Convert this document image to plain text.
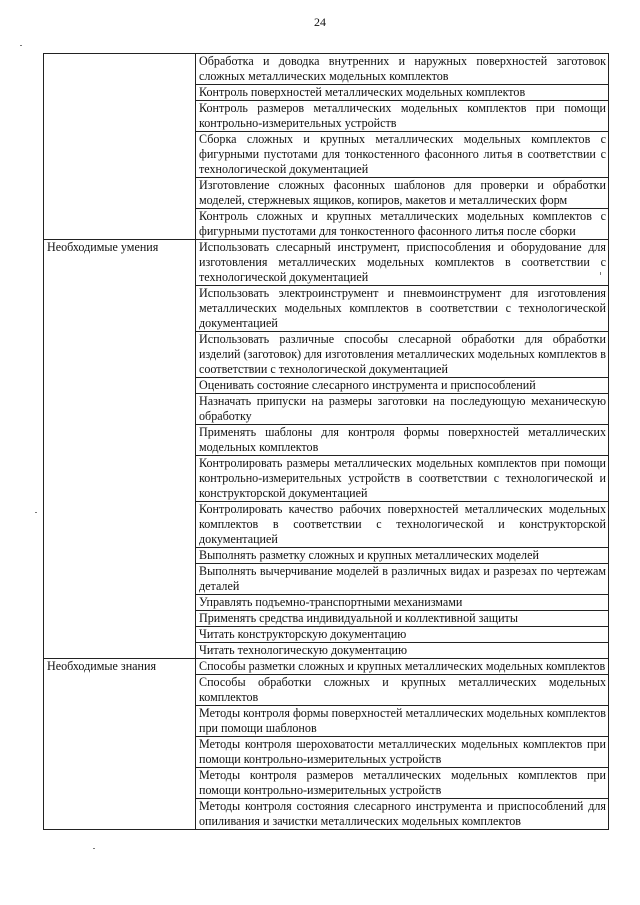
24
	Обработка и доводка внутренних и наружных поверхностей заготовок сложных металлических модельных комплектов
	Контроль поверхностей металлических модельных комплектов
	Контроль размеров металлических модельных комплектов при помощи контрольно-измерительных устройств
	Сборка сложных и крупных металлических модельных комплектов с фигурными пустотами для тонкостенного фасонного литья в соответствии с технологической документацией
	Изготовление сложных фасонных шаблонов для проверки и обработки моделей, стержневых ящиков, копиров, макетов и металлических форм
	Контроль сложных и крупных металлических модельных комплектов с фигурными пустотами для тонкостенного фасонного литья после сборки
Необходимые умения	Использовать слесарный инструмент, приспособления и оборудование для изготовления металлических модельных комплектов в соответствии с технологической документацией
	Использовать электроинструмент и пневмоинструмент для изготовления металлических модельных комплектов в соответствии с технологической документацией
	Использовать различные способы слесарной обработки для обработки изделий (заготовок) для изготовления металлических модельных комплектов в соответствии с технологической документацией
	Оценивать состояние слесарного инструмента и приспособлений
	Назначать припуски на размеры заготовки на последующую механическую обработку
	Применять шаблоны для контроля формы поверхностей металлических модельных комплектов
	Контролировать размеры металлических модельных комплектов при помощи контрольно-измерительных устройств в соответствии с технологической и конструкторской документацией
	Контролировать качество рабочих поверхностей металлических модельных комплектов в соответствии с технологической и конструкторской документацией
	Выполнять разметку сложных и крупных металлических моделей
	Выполнять вычерчивание моделей в различных видах и разрезах по чертежам деталей
	Управлять подъемно-транспортными механизмами
	Применять средства индивидуальной и коллективной защиты
	Читать конструкторскую документацию
	Читать технологическую документацию
Необходимые знания	Способы разметки сложных и крупных металлических модельных комплектов
	Способы обработки сложных и крупных металлических модельных комплектов
	Методы контроля формы поверхностей металлических модельных комплектов при помощи шаблонов
	Методы контроля шероховатости металлических модельных комплектов при помощи контрольно-измерительных устройств
	Методы контроля размеров металлических модельных комплектов при помощи контрольно-измерительных устройств
	Методы контроля состояния слесарного инструмента и приспособлений для опиливания и зачистки металлических модельных комплектов
